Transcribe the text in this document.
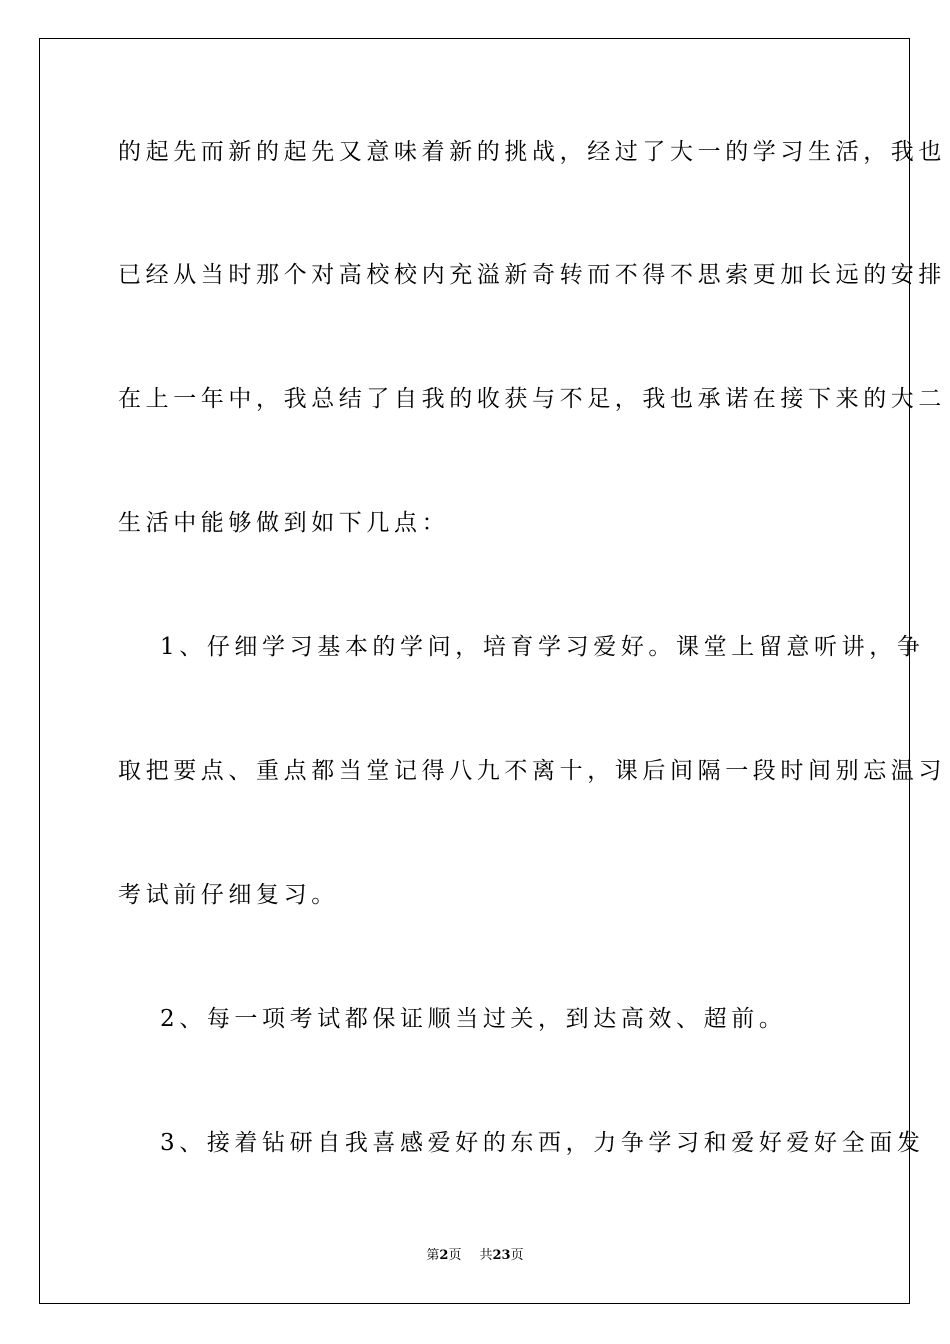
的起先而新的起先又意味着新的挑战，经过了大一的学习生活，我也
已经从当时那个对高校校内充溢新奇转而不得不思索更加长远的安排
在上一年中，我总结了自我的收获与不足，我也承诺在接下来的大二
生活中能够做到如下几点：
1、仔细学习基本的学问，培育学习爱好。课堂上留意听讲，争
取把要点、重点都当堂记得八九不离十，课后间隔一段时间别忘温习
考试前仔细复习。
2、每一项考试都保证顺当过关，到达高效、超前。
3、接着钻研自我喜感爱好的东西，力争学习和爱好爱好全面发
第2页 共23页
